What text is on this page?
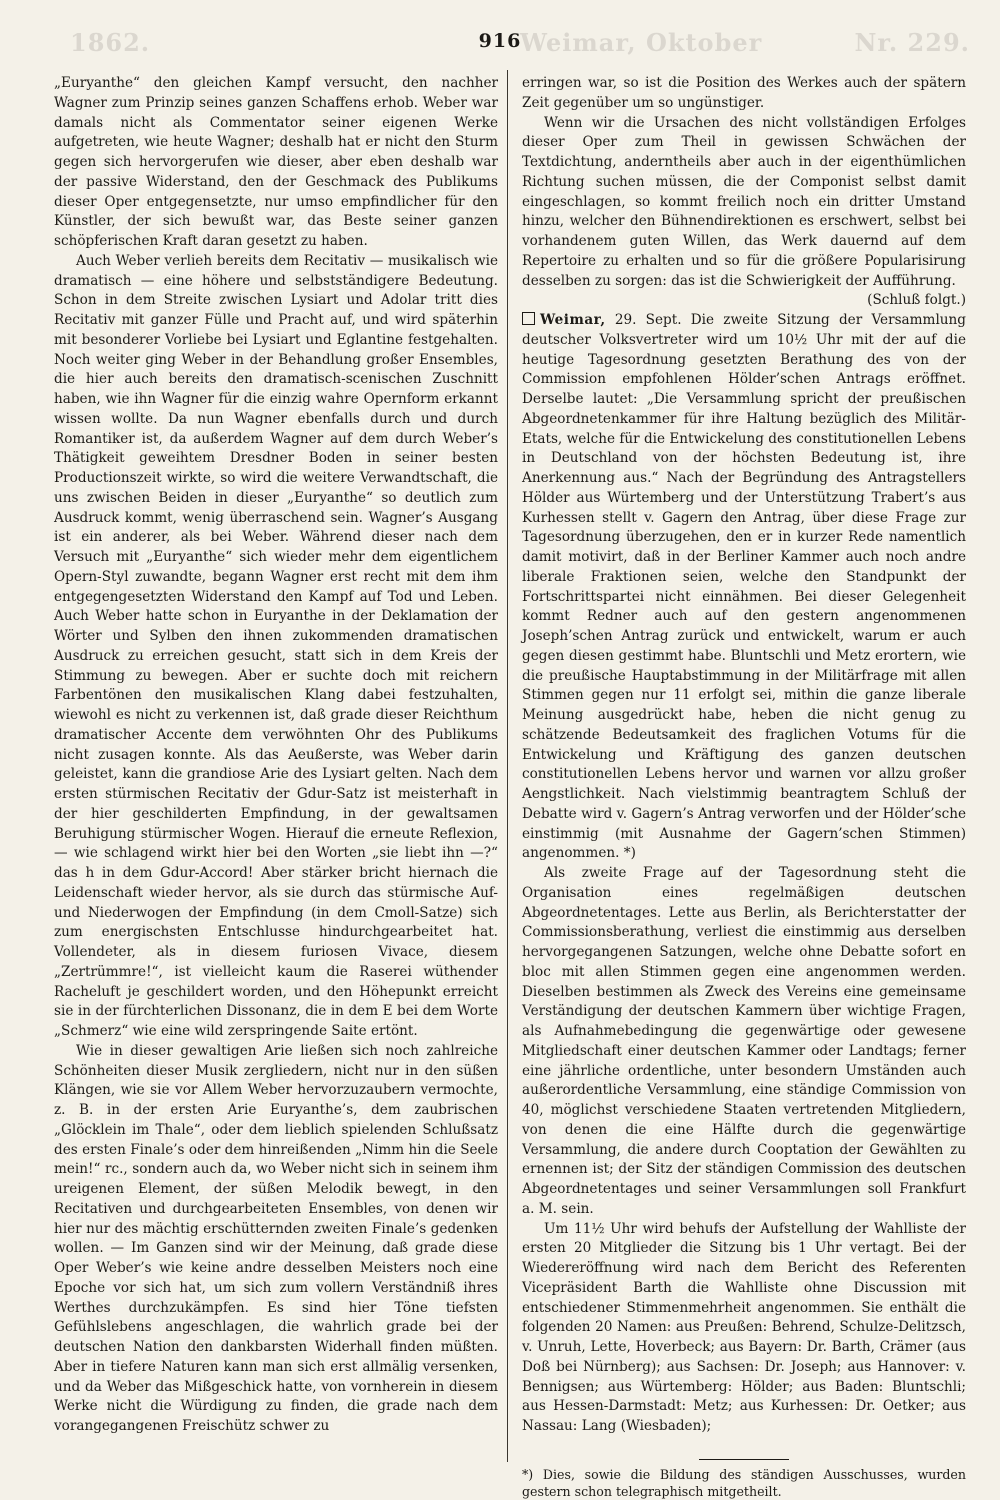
1862.	Weimar, Oktober	Nr. 229.
916

„Euryanthe“ den gleichen Kampf versucht, den nachher Wagner zum Prinzip seines ganzen Schaffens erhob. Weber war damals nicht als Commentator seiner eigenen Werke aufgetreten, wie heute Wagner; deshalb hat er nicht den Sturm gegen sich hervorgerufen wie dieser, aber eben deshalb war der passive Widerstand, den der Geschmack des Publikums dieser Oper entgegensetzte, nur umso empfindlicher für den Künstler, der sich bewußt war, das Beste seiner ganzen schöpferischen Kraft daran gesetzt zu haben.

Auch Weber verlieh bereits dem Recitativ — musikalisch wie dramatisch — eine höhere und selbstständigere Bedeutung. Schon in dem Streite zwischen Lysiart und Adolar tritt dies Recitativ mit ganzer Fülle und Pracht auf, und wird späterhin mit besonderer Vorliebe bei Lysiart und Eglantine festgehalten. Noch weiter ging Weber in der Behandlung großer Ensembles, die hier auch bereits den dramatisch-scenischen Zuschnitt haben, wie ihn Wagner für die einzig wahre Opernform erkannt wissen wollte. Da nun Wagner ebenfalls durch und durch Romantiker ist, da außerdem Wagner auf dem durch Weber’s Thätigkeit geweihtem Dresdner Boden in seiner besten Productionszeit wirkte, so wird die weitere Verwandtschaft, die uns zwischen Beiden in dieser „Euryanthe“ so deutlich zum Ausdruck kommt, wenig überraschend sein. Wagner’s Ausgang ist ein anderer, als bei Weber. Während dieser nach dem Versuch mit „Euryanthe“ sich wieder mehr dem eigentlichem Opern-Styl zuwandte, begann Wagner erst recht mit dem ihm entgegengesetzten Widerstand den Kampf auf Tod und Leben. Auch Weber hatte schon in Euryanthe in der Deklamation der Wörter und Sylben den ihnen zukommenden dramatischen Ausdruck zu erreichen gesucht, statt sich in dem Kreis der Stimmung zu bewegen. Aber er suchte doch mit reichern Farbentönen den musikalischen Klang dabei festzuhalten, wiewohl es nicht zu verkennen ist, daß grade dieser Reichthum dramatischer Accente dem verwöhnten Ohr des Publikums nicht zusagen konnte. Als das Aeußerste, was Weber darin geleistet, kann die grandiose Arie des Lysiart gelten. Nach dem ersten stürmischen Recitativ der Gdur-Satz ist meisterhaft in der hier geschilderten Empfindung, in der gewaltsamen Beruhigung stürmischer Wogen. Hierauf die erneute Reflexion, — wie schlagend wirkt hier bei den Worten „sie liebt ihn —?“ das h in dem Gdur-Accord! Aber stärker bricht hiernach die Leidenschaft wieder hervor, als sie durch das stürmische Auf- und Niederwogen der Empfindung (in dem Cmoll-Satze) sich zum energischsten Entschlusse hindurchgearbeitet hat. Vollendeter, als in diesem furiosen Vivace, diesem „Zertrümmre!“, ist vielleicht kaum die Raserei wüthender Racheluft je geschildert worden, und den Höhepunkt erreicht sie in der fürchterlichen Dissonanz, die in dem E bei dem Worte „Schmerz“ wie eine wild zerspringende Saite ertönt.

Wie in dieser gewaltigen Arie ließen sich noch zahlreiche Schönheiten dieser Musik zergliedern, nicht nur in den süßen Klängen, wie sie vor Allem Weber hervorzuzaubern vermochte, z. B. in der ersten Arie Euryanthe’s, dem zaubrischen „Glöcklein im Thale“, oder dem lieblich spielenden Schlußsatz des ersten Finale’s oder dem hinreißenden „Nimm hin die Seele mein!“ rc., sondern auch da, wo Weber nicht sich in seinem ihm ureigenen Element, der süßen Melodik bewegt, in den Recitativen und durchgearbeiteten Ensembles, von denen wir hier nur des mächtig erschütternden zweiten Finale’s gedenken wollen. — Im Ganzen sind wir der Meinung, daß grade diese Oper Weber’s wie keine andre desselben Meisters noch eine Epoche vor sich hat, um sich zum vollern Verständniß ihres Werthes durchzukämpfen. Es sind hier Töne tiefsten Gefühlslebens angeschlagen, die wahrlich grade bei der deutschen Nation den dankbarsten Widerhall finden müßten. Aber in tiefere Naturen kann man sich erst allmälig versenken, und da Weber das Mißgeschick hatte, von vornherein in diesem Werke nicht die Würdigung zu finden, die grade nach dem vorangegangenen Freischütz schwer zu

erringen war, so ist die Position des Werkes auch der spätern Zeit gegenüber um so ungünstiger.

Wenn wir die Ursachen des nicht vollständigen Erfolges dieser Oper zum Theil in gewissen Schwächen der Textdichtung, anderntheils aber auch in der eigenthümlichen Richtung suchen müssen, die der Componist selbst damit eingeschlagen, so kommt freilich noch ein dritter Umstand hinzu, welcher den Bühnendirektionen es erschwert, selbst bei vorhandenem guten Willen, das Werk dauernd auf dem Repertoire zu erhalten und so für die größere Popularisirung desselben zu sorgen: das ist die Schwierigkeit der Aufführung.

(Schluß folgt.)

Weimar, 29. Sept. Die zweite Sitzung der Versammlung deutscher Volksvertreter wird um 10½ Uhr mit der auf die heutige Tagesordnung gesetzten Berathung des von der Commission empfohlenen Hölder’schen Antrags eröffnet. Derselbe lautet: „Die Versammlung spricht der preußischen Abgeordnetenkammer für ihre Haltung bezüglich des Militär-Etats, welche für die Entwickelung des constitutionellen Lebens in Deutschland von der höchsten Bedeutung ist, ihre Anerkennung aus.“ Nach der Begründung des Antragstellers Hölder aus Würtemberg und der Unterstützung Trabert’s aus Kurhessen stellt v. Gagern den Antrag, über diese Frage zur Tagesordnung überzugehen, den er in kurzer Rede namentlich damit motivirt, daß in der Berliner Kammer auch noch andre liberale Fraktionen seien, welche den Standpunkt der Fortschrittspartei nicht einnähmen. Bei dieser Gelegenheit kommt Redner auch auf den gestern angenommenen Joseph’schen Antrag zurück und entwickelt, warum er auch gegen diesen gestimmt habe. Bluntschli und Metz erortern, wie die preußische Hauptabstimmung in der Militärfrage mit allen Stimmen gegen nur 11 erfolgt sei, mithin die ganze liberale Meinung ausgedrückt habe, heben die nicht genug zu schätzende Bedeutsamkeit des fraglichen Votums für die Entwickelung und Kräftigung des ganzen deutschen constitutionellen Lebens hervor und warnen vor allzu großer Aengstlichkeit. Nach vielstimmig beantragtem Schluß der Debatte wird v. Gagern’s Antrag verworfen und der Hölder’sche einstimmig (mit Ausnahme der Gagern’schen Stimmen) angenommen. *)

Als zweite Frage auf der Tagesordnung steht die Organisation eines regelmäßigen deutschen Abgeordnetentages. Lette aus Berlin, als Berichterstatter der Commissionsberathung, verliest die einstimmig aus derselben hervorgegangenen Satzungen, welche ohne Debatte sofort en bloc mit allen Stimmen gegen eine angenommen werden. Dieselben bestimmen als Zweck des Vereins eine gemeinsame Verständigung der deutschen Kammern über wichtige Fragen, als Aufnahmebedingung die gegenwärtige oder gewesene Mitgliedschaft einer deutschen Kammer oder Landtags; ferner eine jährliche ordentliche, unter besondern Umständen auch außerordentliche Versammlung, eine ständige Commission von 40, möglichst verschiedene Staaten vertretenden Mitgliedern, von denen die eine Hälfte durch die gegenwärtige Versammlung, die andere durch Cooptation der Gewählten zu ernennen ist; der Sitz der ständigen Commission des deutschen Abgeordnetentages und seiner Versammlungen soll Frankfurt a. M. sein.

Um 11½ Uhr wird behufs der Aufstellung der Wahlliste der ersten 20 Mitglieder die Sitzung bis 1 Uhr vertagt. Bei der Wiedereröffnung wird nach dem Bericht des Referenten Vicepräsident Barth die Wahlliste ohne Discussion mit entschiedener Stimmenmehrheit angenommen. Sie enthält die folgenden 20 Namen: aus Preußen: Behrend, Schulze-Delitzsch, v. Unruh, Lette, Hoverbeck; aus Bayern: Dr. Barth, Crämer (aus Doß bei Nürnberg); aus Sachsen: Dr. Joseph; aus Hannover: v. Bennigsen; aus Würtemberg: Hölder; aus Baden: Bluntschli; aus Hessen-Darmstadt: Metz; aus Kurhessen: Dr. Oetker; aus Nassau: Lang (Wiesbaden);

*) Dies, sowie die Bildung des ständigen Ausschusses, wurden gestern schon telegraphisch mitgetheilt.
